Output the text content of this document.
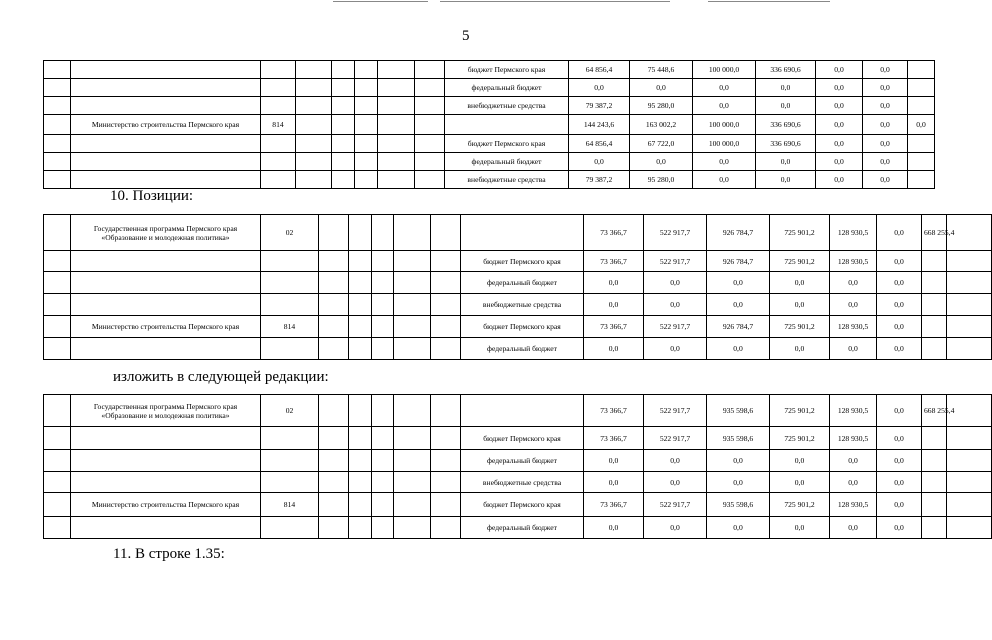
5
								бюджет Пермского края	64 856,4	75 448,6	100 000,0	336 690,6	0,0	0,0	
								федеральный бюджет	0,0	0,0	0,0	0,0	0,0	0,0	
								внебюджетные средства	79 387,2	95 280,0	0,0	0,0	0,0	0,0	
	Министерство строительства Пермского края	814							144 243,6	163 002,2	100 000,0	336 690,6	0,0	0,0	0,0
								бюджет Пермского края	64 856,4	67 722,0	100 000,0	336 690,6	0,0	0,0	
								федеральный бюджет	0,0	0,0	0,0	0,0	0,0	0,0	
								внебюджетные средства	79 387,2	95 280,0	0,0	0,0	0,0	0,0	
10. Позиции:
	Государственная программа Пермского края «Образование и молодежная политика»	02							73 366,7	522 917,7	926 784,7	725 901,2	128 930,5	0,0	668 255,4	
								бюджет Пермского края	73 366,7	522 917,7	926 784,7	725 901,2	128 930,5	0,0		
								федеральный бюджет	0,0	0,0	0,0	0,0	0,0	0,0		
								внебюджетные средства	0,0	0,0	0,0	0,0	0,0	0,0		
	Министерство строительства Пермского края	814						бюджет Пермского края	73 366,7	522 917,7	926 784,7	725 901,2	128 930,5	0,0		
								федеральный бюджет	0,0	0,0	0,0	0,0	0,0	0,0		
изложить в следующей редакции:
	Государственная программа Пермского края «Образование и молодежная политика»	02							73 366,7	522 917,7	935 598,6	725 901,2	128 930,5	0,0	668 255,4	
								бюджет Пермского края	73 366,7	522 917,7	935 598,6	725 901,2	128 930,5	0,0		
								федеральный бюджет	0,0	0,0	0,0	0,0	0,0	0,0		
								внебюджетные средства	0,0	0,0	0,0	0,0	0,0	0,0		
	Министерство строительства Пермского края	814						бюджет Пермского края	73 366,7	522 917,7	935 598,6	725 901,2	128 930,5	0,0		
								федеральный бюджет	0,0	0,0	0,0	0,0	0,0	0,0		
11. В строке 1.35:
